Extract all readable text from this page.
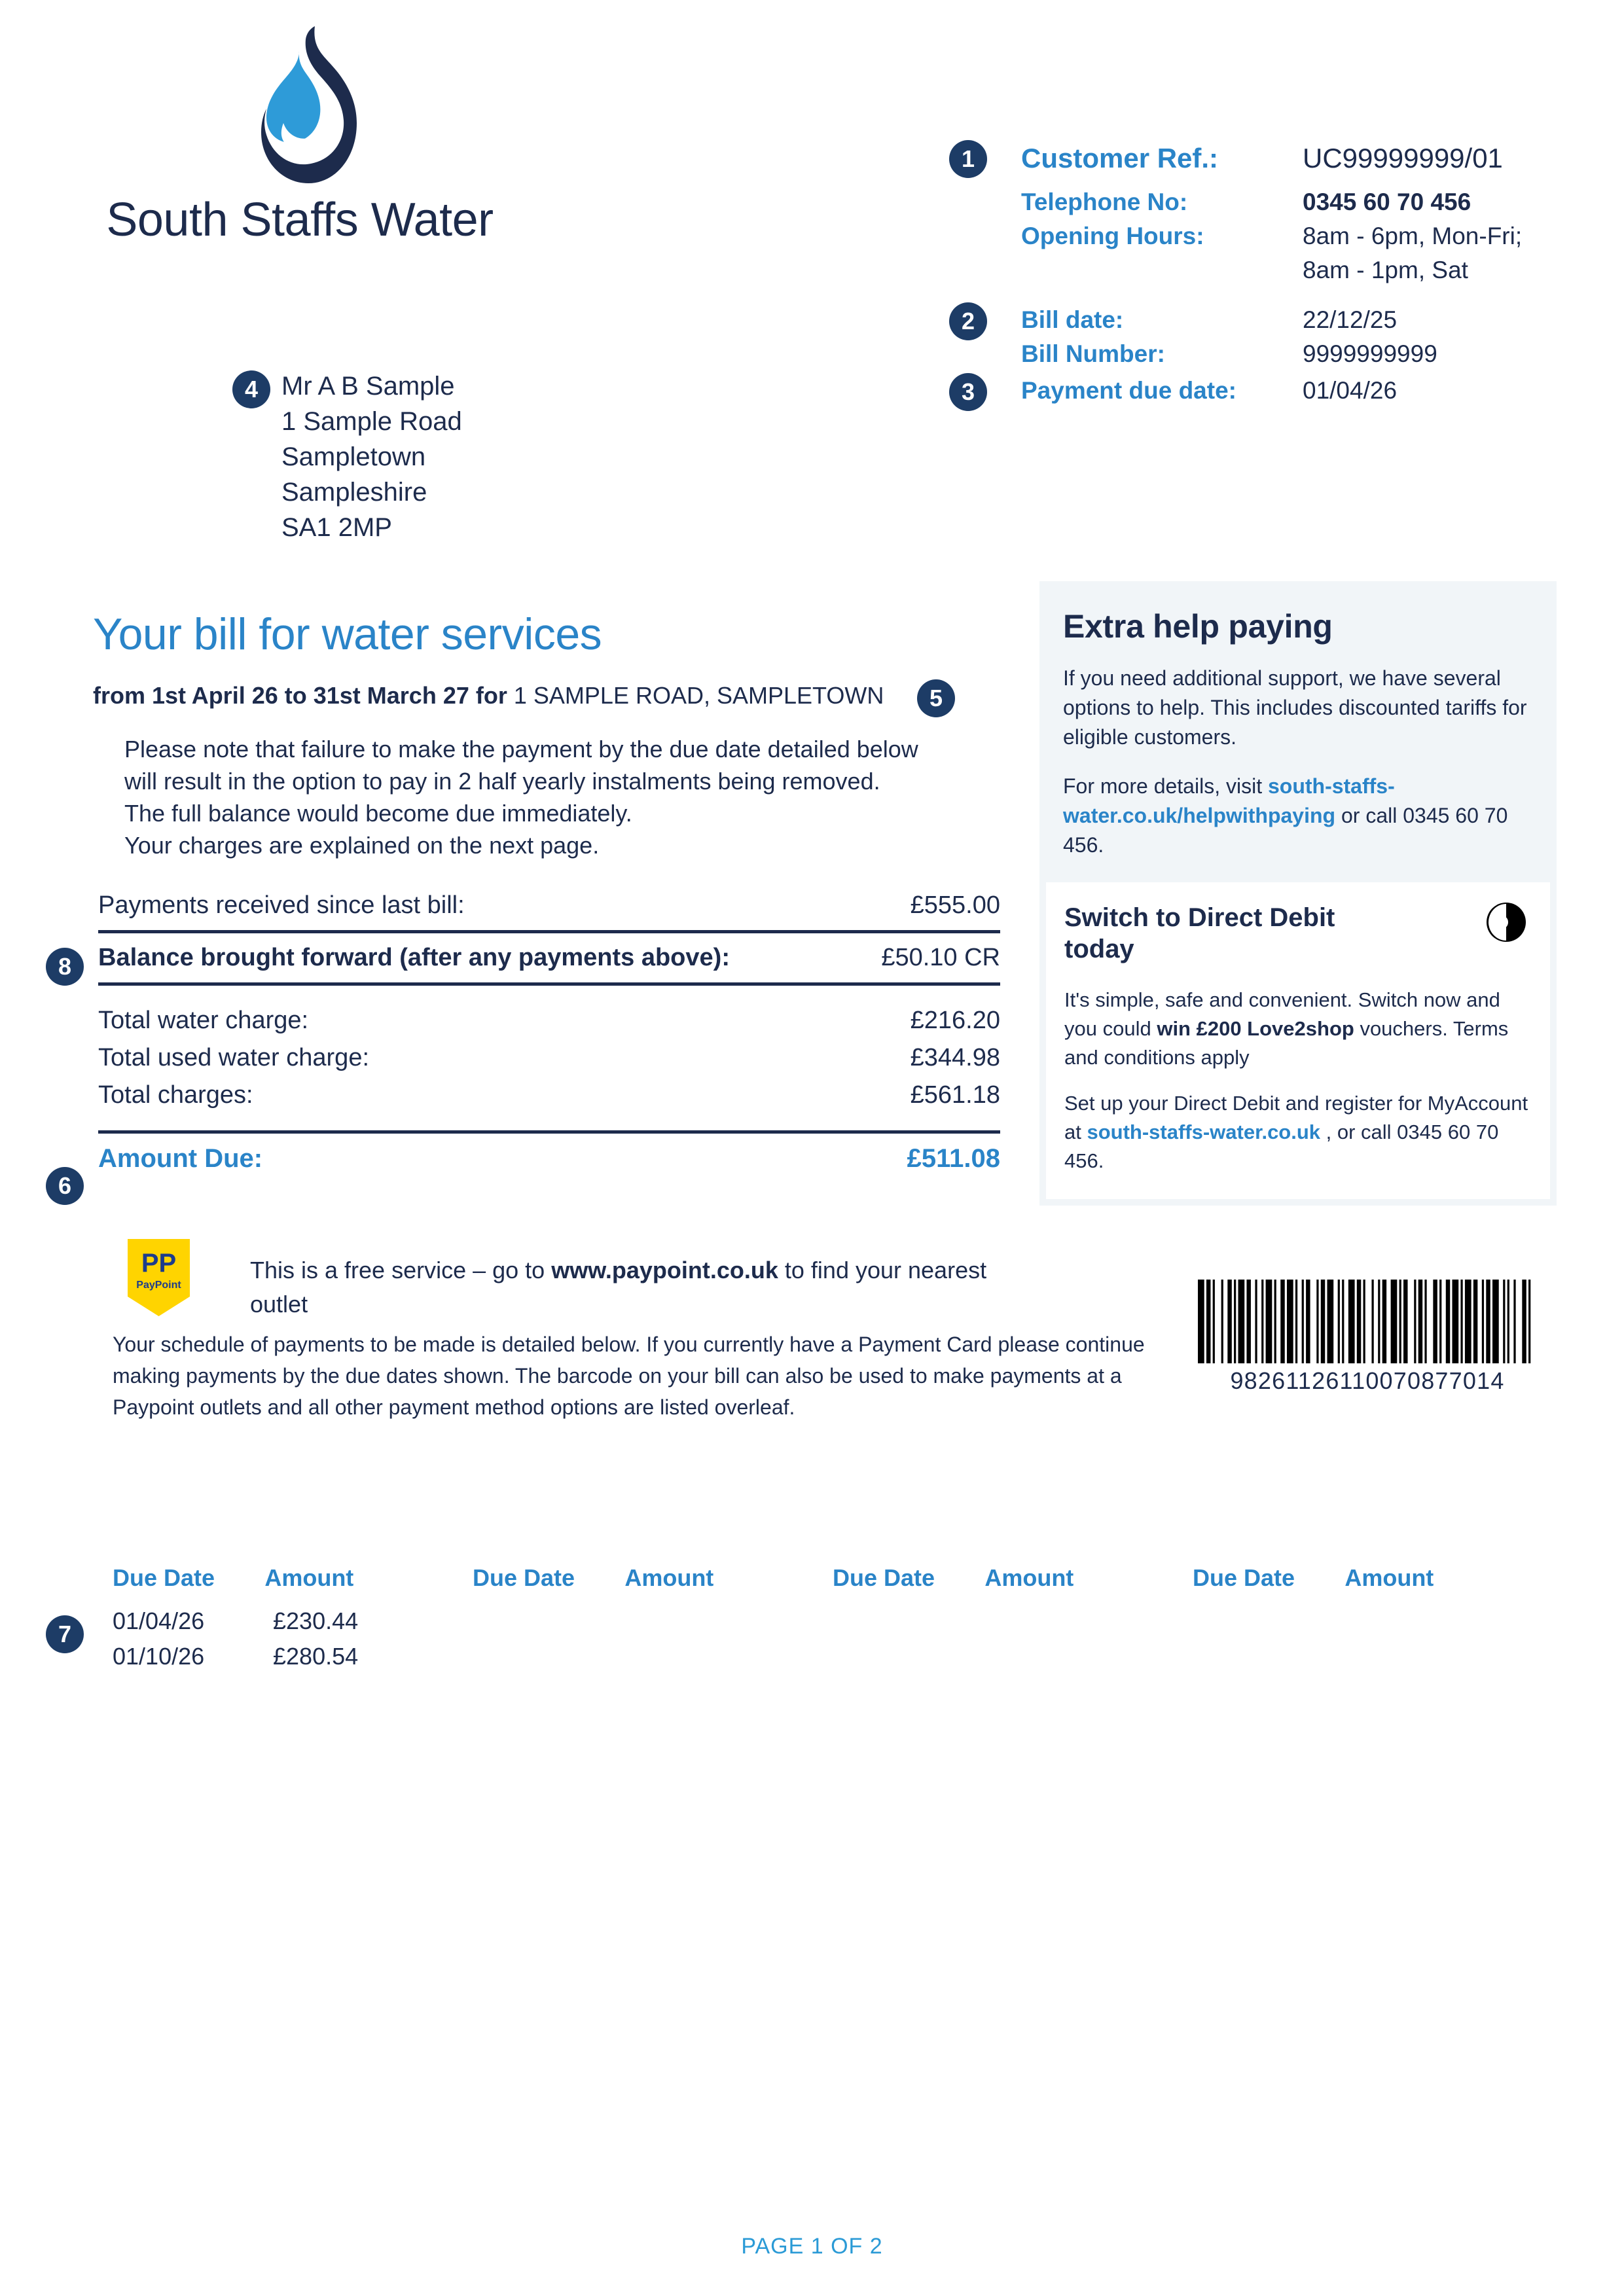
South Staffs Water
1	Customer Ref.:	UC99999999/01
Telephone No:	0345 60 70 456
Opening Hours:	8am - 6pm, Mon-Fri;
8am - 1pm, Sat
2	Bill date:	22/12/25
Bill Number:	9999999999
3	Payment due date:	01/04/26
4 Mr A B Sample
1 Sample Road
Sampletown
Sampleshire
SA1 2MP
Your bill for water services
from 1st April 26 to 31st March 27 for 1 SAMPLE ROAD, SAMPLETOWN	5
Please note that failure to make the payment by the due date detailed below
will result in the option to pay in 2 half yearly instalments being removed.
The full balance would become due immediately.
Your charges are explained on the next page.
Payments received since last bill:	£555.00
Balance brought forward (after any payments above):	£50.10 CR
Total water charge:	£216.20
Total used water charge:	£344.98
Total charges:	£561.18
Amount Due:	£511.08
8
6
Extra help paying

If you need additional support, we have several options to help. This includes discounted tariffs for eligible customers.

For more details, visit south-staffs-water.co.uk/helpwithpaying or call 0345 60 70 456.

Switch to Direct Debit today

It's simple, safe and convenient. Switch now and you could win £200 Love2shop vouchers. Terms and conditions apply

Set up your Direct Debit and register for MyAccount at south-staffs-water.co.uk , or call 0345 60 70 456.

PP
PayPoint
This is a free service – go to www.paypoint.co.uk to find your nearest outlet
Your schedule of payments to be made is detailed below. If you currently have a Payment Card please continue making payments by the due dates shown. The barcode on your bill can also be used to make payments at a Paypoint outlets and all other payment method options are listed overleaf.
98261126110070877014
7
Due Date	Amount	Due Date	Amount	Due Date	Amount	Due Date	Amount
01/04/26	£230.44
01/10/26	£280.54
PAGE 1 OF 2
